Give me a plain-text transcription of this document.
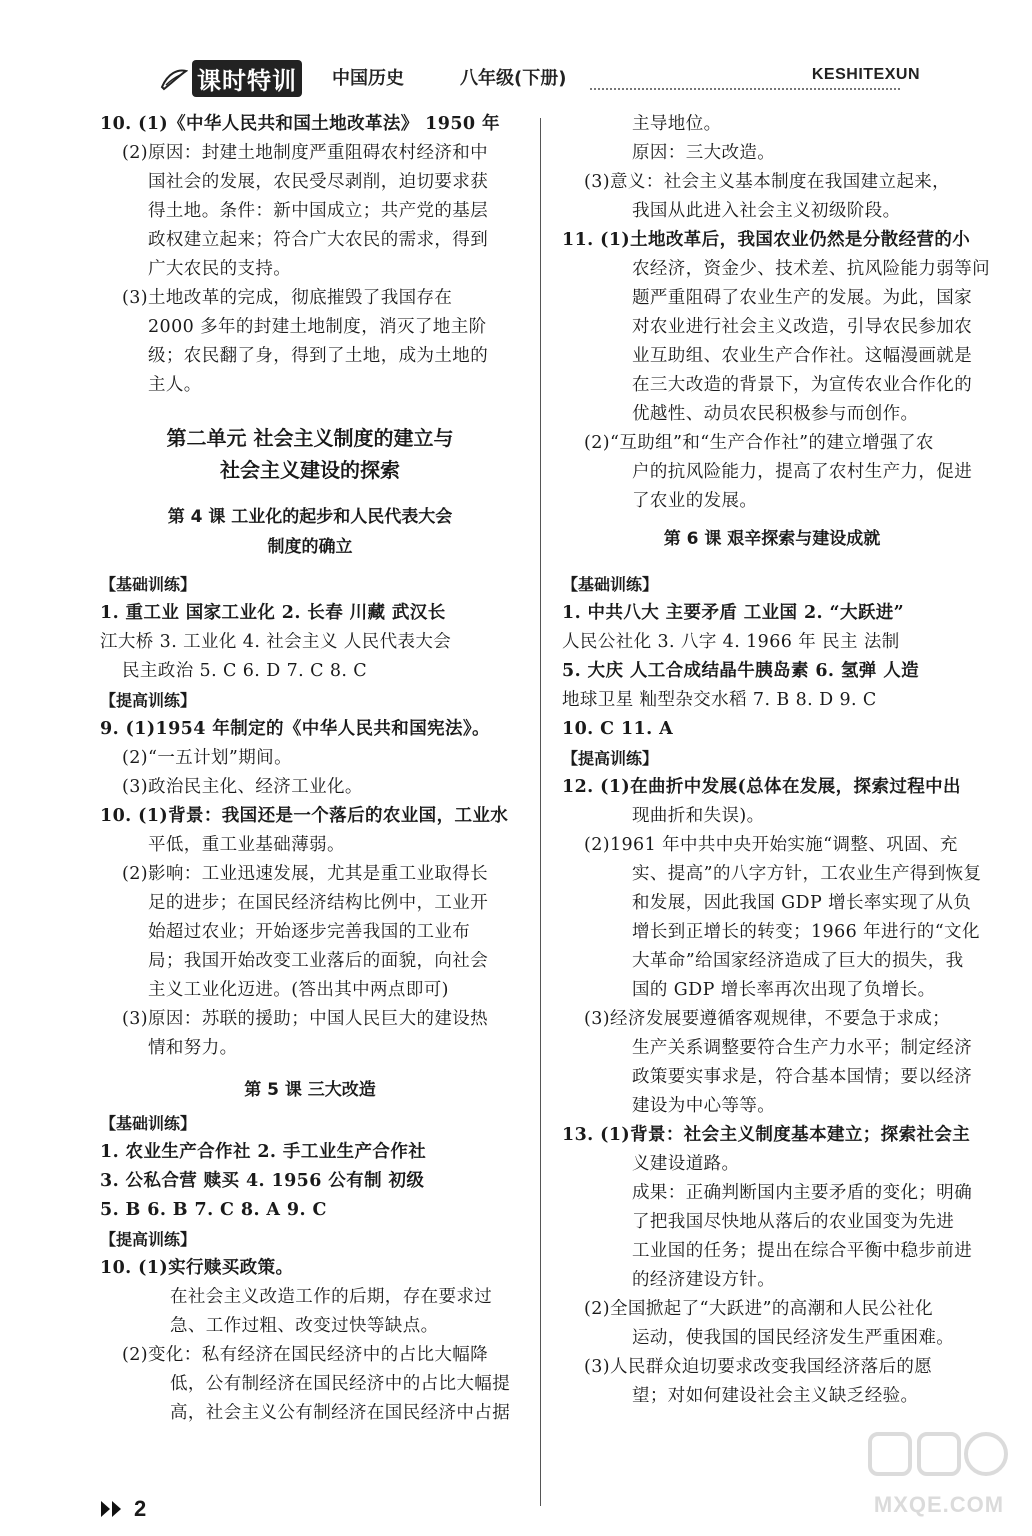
课时特训 中国历史	八年级(下册)	KESHITEXUN
10. (1)《中华人民共和国土地改革法》 1950 年
(2)原因：封建土地制度严重阻碍农村经济和中
国社会的发展，农民受尽剥削，迫切要求获
得土地。条件：新中国成立；共产党的基层
政权建立起来；符合广大农民的需求，得到
广大农民的支持。
(3)土地改革的完成，彻底摧毁了我国存在
2000 多年的封建土地制度，消灭了地主阶
级；农民翻了身，得到了土地，成为土地的
主人。
第二单元 社会主义制度的建立与
社会主义建设的探索
第 4 课 工业化的起步和人民代表大会
制度的确立
【基础训练】
1. 重工业 国家工业化 2. 长春 川藏 武汉长
江大桥 3. 工业化 4. 社会主义 人民代表大会
民主政治 5. C 6. D 7. C 8. C
【提高训练】
9. (1)1954 年制定的《中华人民共和国宪法》。
(2)“一五计划”期间。
(3)政治民主化、经济工业化。
10. (1)背景：我国还是一个落后的农业国，工业水
平低，重工业基础薄弱。
(2)影响：工业迅速发展，尤其是重工业取得长
足的进步；在国民经济结构比例中，工业开
始超过农业；开始逐步完善我国的工业布
局；我国开始改变工业落后的面貌，向社会
主义工业化迈进。(答出其中两点即可)
(3)原因：苏联的援助；中国人民巨大的建设热
情和努力。
第 5 课 三大改造
【基础训练】
1. 农业生产合作社 2. 手工业生产合作社
3. 公私合营 赎买 4. 1956 公有制 初级
5. B 6. B 7. C 8. A 9. C
【提高训练】
10. (1)实行赎买政策。
在社会主义改造工作的后期，存在要求过
急、工作过粗、改变过快等缺点。
(2)变化：私有经济在国民经济中的占比大幅降
低，公有制经济在国民经济中的占比大幅提
高，社会主义公有制经济在国民经济中占据
主导地位。
原因：三大改造。
(3)意义：社会主义基本制度在我国建立起来，
我国从此进入社会主义初级阶段。
11. (1)土地改革后，我国农业仍然是分散经营的小
农经济，资金少、技术差、抗风险能力弱等问
题严重阻碍了农业生产的发展。为此，国家
对农业进行社会主义改造，引导农民参加农
业互助组、农业生产合作社。这幅漫画就是
在三大改造的背景下，为宣传农业合作化的
优越性、动员农民积极参与而创作。
(2)“互助组”和“生产合作社”的建立增强了农
户的抗风险能力，提高了农村生产力，促进
了农业的发展。
第 6 课 艰辛探索与建设成就
【基础训练】
1. 中共八大 主要矛盾 工业国 2. “大跃进”
人民公社化 3. 八字 4. 1966 年 民主 法制
5. 大庆 人工合成结晶牛胰岛素 6. 氢弹 人造
地球卫星 籼型杂交水稻 7. B 8. D 9. C
10. C 11. A
【提高训练】
12. (1)在曲折中发展(总体在发展，探索过程中出
现曲折和失误)。
(2)1961 年中共中央开始实施“调整、巩固、充
实、提高”的八字方针，工农业生产得到恢复
和发展，因此我国 GDP 增长率实现了从负
增长到正增长的转变；1966 年进行的“文化
大革命”给国家经济造成了巨大的损失，我
国的 GDP 增长率再次出现了负增长。
(3)经济发展要遵循客观规律，不要急于求成；
生产关系调整要符合生产力水平；制定经济
政策要实事求是，符合基本国情；要以经济
建设为中心等等。
13. (1)背景：社会主义制度基本建立；探索社会主
义建设道路。
成果：正确判断国内主要矛盾的变化；明确
了把我国尽快地从落后的农业国变为先进
工业国的任务；提出在综合平衡中稳步前进
的经济建设方针。
(2)全国掀起了“大跃进”的高潮和人民公社化
运动，使我国的国民经济发生严重困难。
(3)人民群众迫切要求改变我国经济落后的愿
望；对如何建设社会主义缺乏经验。
2	MXQE.COM
